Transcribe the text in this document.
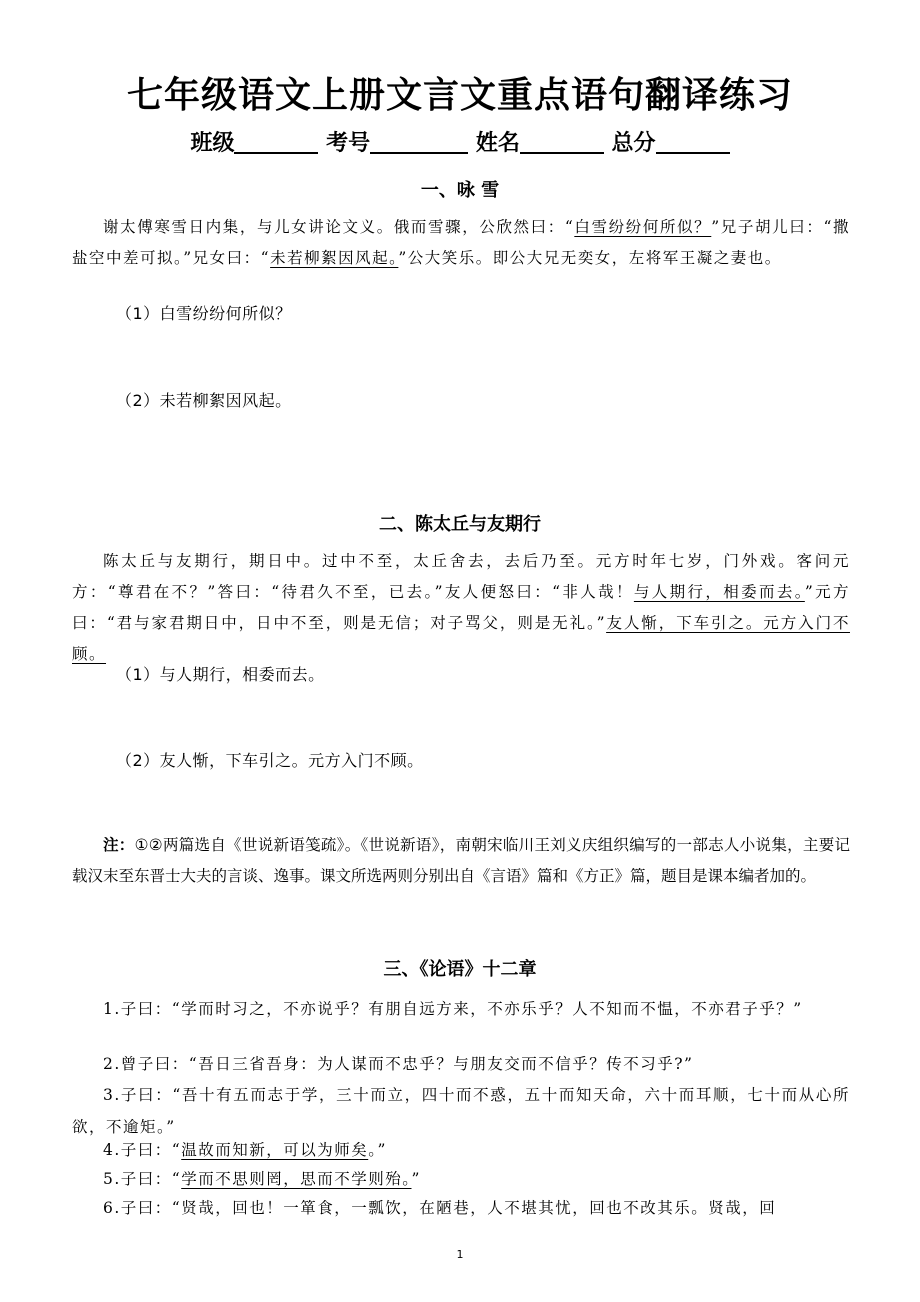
七年级语文上册文言文重点语句翻译练习
班级	考号	姓名	总分
一、咏 雪
谢太傅寒雪日内集，与儿女讲论文义。俄而雪骤，公欣然曰：“白雪纷纷何所似？”兄子胡儿曰：“撒盐空中差可拟。”兄女曰：“未若柳絮因风起。”公大笑乐。即公大兄无奕女，左将军王凝之妻也。
（1）白雪纷纷何所似？
（2）未若柳絮因风起。
二、陈太丘与友期行
陈太丘与友期行，期日中。过中不至，太丘舍去，去后乃至。元方时年七岁，门外戏。客问元方：“尊君在不？”答曰：“待君久不至，已去。”友人便怒曰：“非人哉！与人期行，相委而去。”元方曰：“君与家君期日中，日中不至，则是无信；对子骂父，则是无礼。”友人惭，下车引之。元方入门不顾。
（1）与人期行，相委而去。
（2）友人惭，下车引之。元方入门不顾。
注：①②两篇选自《世说新语笺疏》。《世说新语》，南朝宋临川王刘义庆组织编写的一部志人小说集，主要记载汉末至东晋士大夫的言谈、逸事。课文所选两则分别出自《言语》篇和《方正》篇，题目是课本编者加的。
三、《论语》十二章
1.子曰：“学而时习之，不亦说乎？有朋自远方来，不亦乐乎？人不知而不愠，不亦君子乎？”
2.曾子曰：“吾日三省吾身：为人谋而不忠乎？与朋友交而不信乎？传不习乎?”
3.子曰：“吾十有五而志于学，三十而立，四十而不惑，五十而知天命，六十而耳顺，七十而从心所欲，不逾矩。”
4.子曰：“温故而知新，可以为师矣。”
5.子曰：“学而不思则罔，思而不学则殆。”
6.子曰：“贤哉，回也！一箪食，一瓢饮，在陋巷，人不堪其忧，回也不改其乐。贤哉，回
1
